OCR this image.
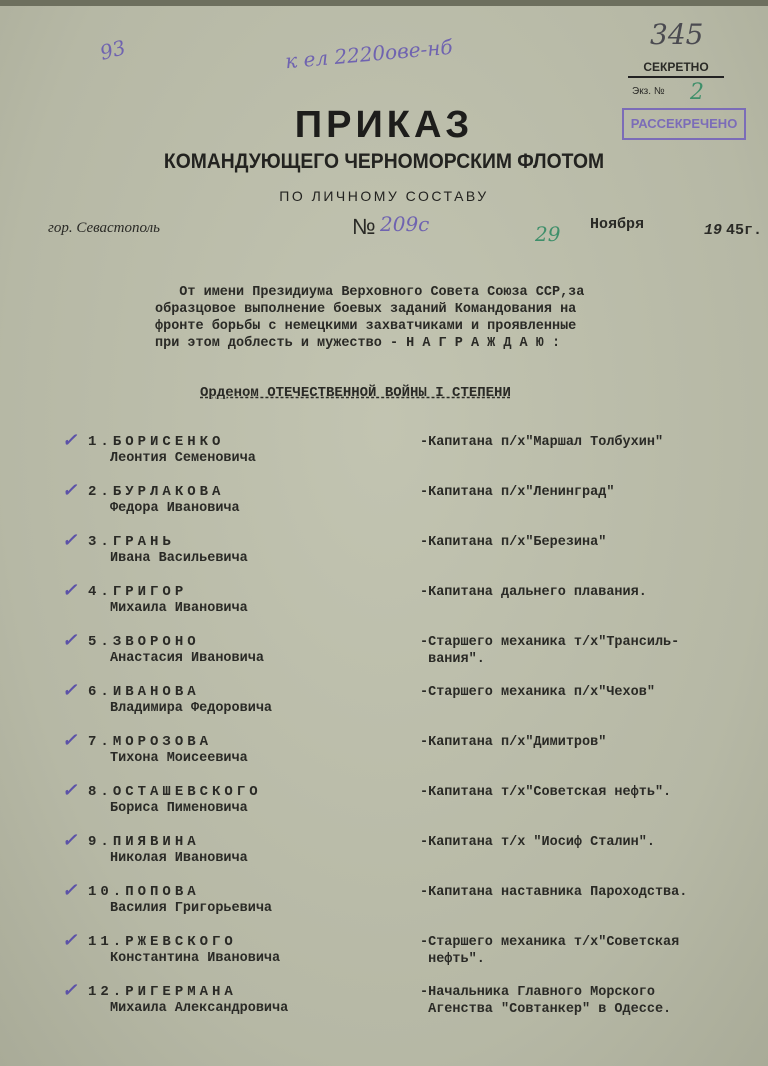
93	к ел 2220ове-нб
345
СЕКРЕТНО
Экз. № 2
РАССЕКРЕЧЕНО
ПРИКАЗ
КОМАНДУЮЩЕГО ЧЕРНОМОРСКИМ ФЛОТОМ
ПО ЛИЧНОМУ СОСТАВУ
гор. Севастополь	№ 209с	29 Ноября	19 45г.
От имени Президиума Верховного Совета Союза ССР,за
образцовое выполнение боевых заданий Командования на
фронте борьбы с немецкими захватчиками и проявленные
при этом доблесть и мужество - Н А Г Р А Ж Д А Ю :
Орденом ОТЕЧЕСТВЕННОЙ ВОЙНЫ I СТЕПЕНИ
✓ 1.БОРИСЕНКО
Леонтия Семеновича
-Капитана п/х"Маршал Толбухин"
✓ 2.БУРЛАКОВА
Федора Ивановича
-Капитана п/х"Ленинград"
✓ 3.ГРАНЬ
Ивана Васильевича
-Капитана п/х"Березина"
✓ 4.ГРИГОР
Михаила Ивановича
-Капитана дальнего плавания.
✓ 5.ЗВОРОНО
Анастасия Ивановича
-Старшего механика т/х"Трансиль-
вания".
✓ 6.ИВАНОВА
Владимира Федоровича
-Старшего механика п/х"Чехов"
✓ 7.МОРОЗОВА
Тихона Моисеевича
-Капитана п/х"Димитров"
✓ 8.ОСТАШЕВСКОГО
Бориса Пименовича
-Капитана т/х"Советская нефть".
✓ 9.ПИЯВИНА
Николая Ивановича
-Капитана т/х "Иосиф Сталин".
✓ 10.ПОПОВА
Василия Григорьевича
-Капитана наставника Пароходства.
✓ 11.РЖЕВСКОГО
Константина Ивановича
-Старшего механика т/х"Советская
нефть".
✓ 12.РИГЕРМАНА
Михаила Александровича
-Начальника Главного Морского
Агенства "Совтанкер" в Одессе.
